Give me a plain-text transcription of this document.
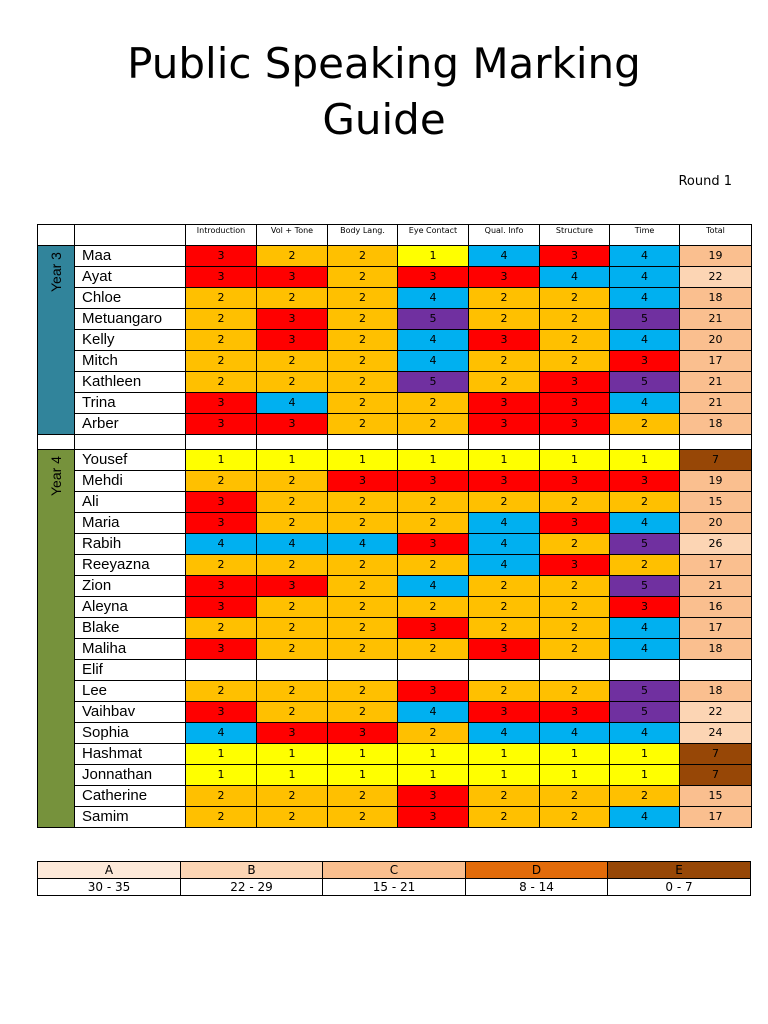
Public Speaking Marking
Guide
Round 1
		Introduction	Vol + Tone	Body Lang.	Eye Contact	Qual. Info	Structure	Time	Total

Year 3	Maa	3	2	2	1	4	3	4	19
	Ayat	3	3	2	3	3	4	4	22
	Chloe	2	2	2	4	2	2	4	18
	Metuangaro	2	3	2	5	2	2	5	21
	Kelly	2	3	2	4	3	2	4	20
	Mitch	2	2	2	4	2	2	3	17
	Kathleen	2	2	2	5	2	3	5	21
	Trina	3	4	2	2	3	3	4	21
	Arber	3	3	2	2	3	3	2	18

Year 4	Yousef	1	1	1	1	1	1	1	7
	Mehdi	2	2	3	3	3	3	3	19
	Ali	3	2	2	2	2	2	2	15
	Maria	3	2	2	2	4	3	4	20
	Rabih	4	4	4	3	4	2	5	26
	Reeyazna	2	2	2	2	4	3	2	17
	Zion	3	3	2	4	2	2	5	21
	Aleyna	3	2	2	2	2	2	3	16
	Blake	2	2	2	3	2	2	4	17
	Maliha	3	2	2	2	3	2	4	18
	Elif								
	Lee	2	2	2	3	2	2	5	18
	Vaihbav	3	2	2	4	3	3	5	22
	Sophia	4	3	3	2	4	4	4	24
	Hashmat	1	1	1	1	1	1	1	7
	Jonnathan	1	1	1	1	1	1	1	7
	Catherine	2	2	2	3	2	2	2	15
	Samim	2	2	2	3	2	2	4	17
A	B	C	D	E
30 - 35	22 - 29	15 - 21	8 - 14	0 - 7
